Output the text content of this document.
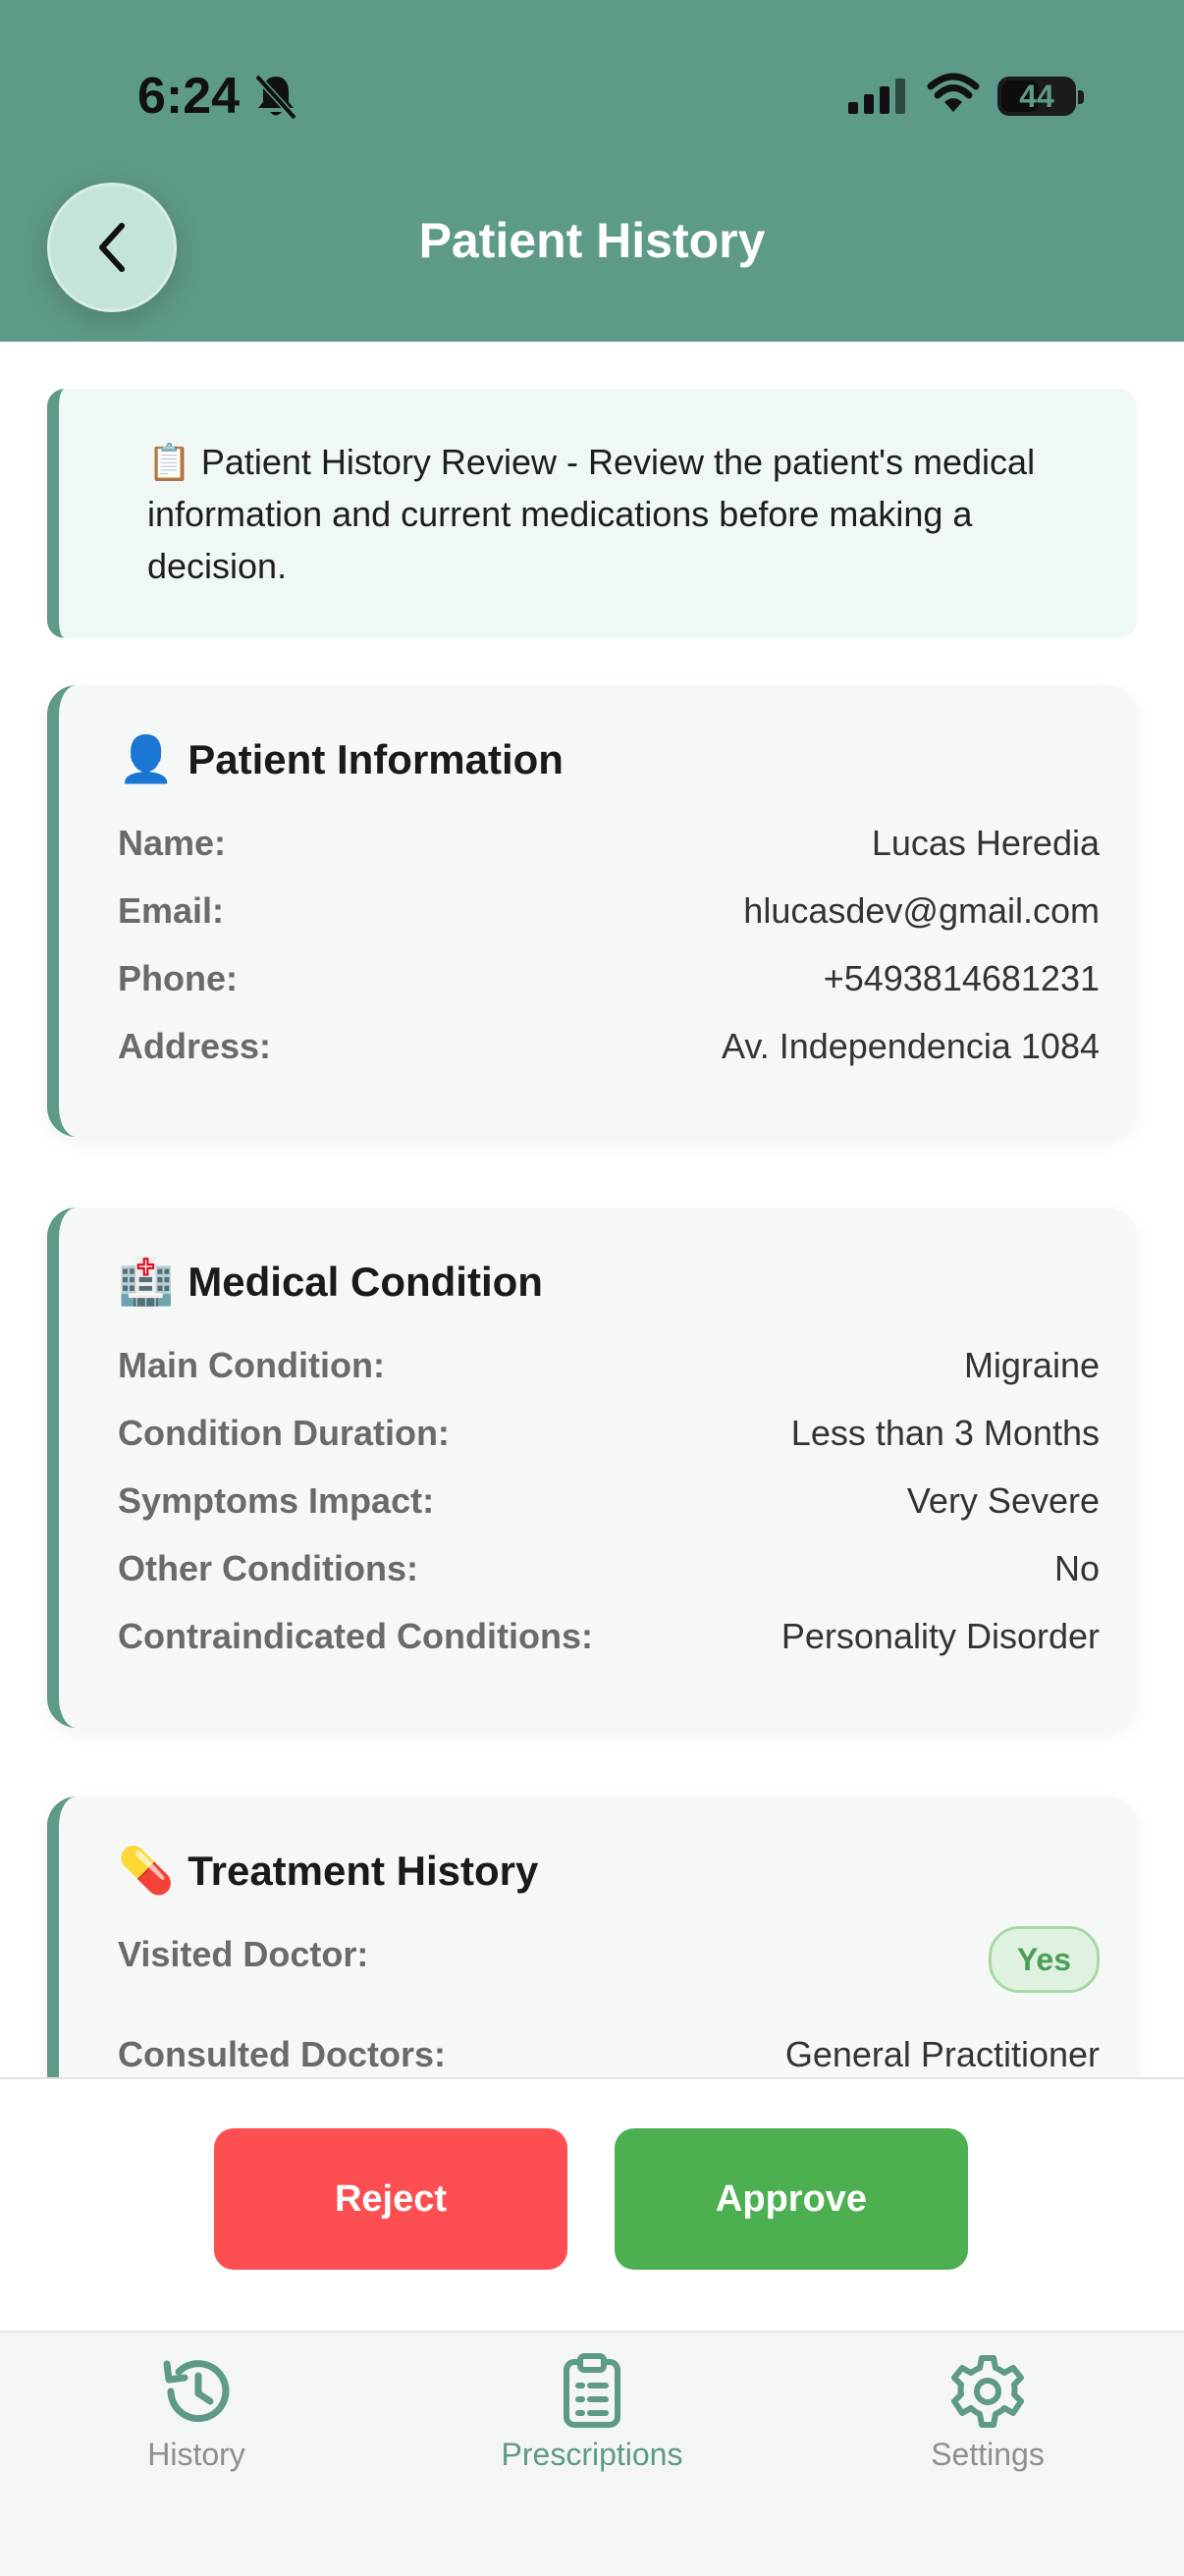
6:24	44
Patient History
📋 Patient History Review - Review the patient's medical information and current medications before making a decision.
👤 Patient Information
Name:	Lucas Heredia
Email:	hlucasdev@gmail.com
Phone:	+5493814681231
Address:	Av. Independencia 1084
🏥 Medical Condition
Main Condition:	Migraine
Condition Duration:	Less than 3 Months
Symptoms Impact:	Very Severe
Other Conditions:	No
Contraindicated Conditions:	Personality Disorder
💊 Treatment History
Visited Doctor:	Yes
Consulted Doctors:	General Practitioner
Reject	Approve
History	Prescriptions	Settings
